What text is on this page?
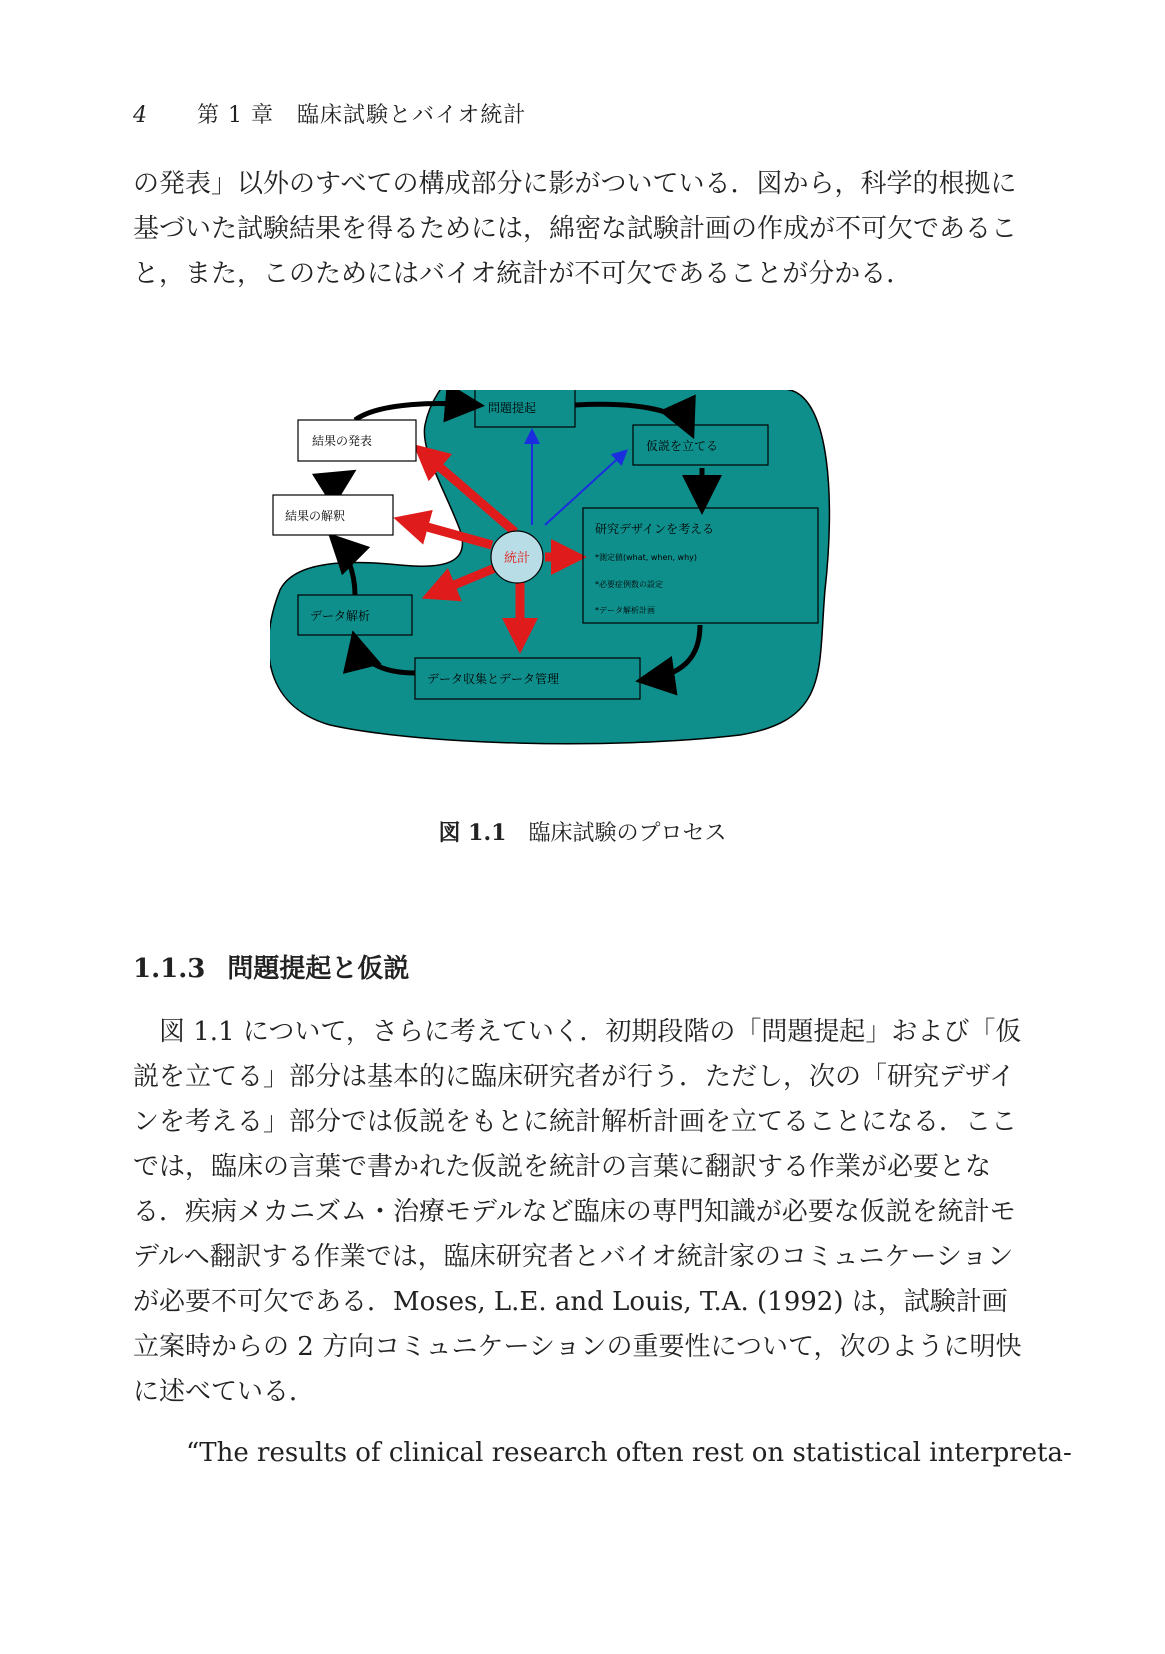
4 第 1 章　臨床試験とバイオ統計

の発表」以外のすべての構成部分に影がついている．図から，科学的根拠に基づいた試験結果を得るためには，綿密な試験計画の作成が不可欠であること，また，このためにはバイオ統計が不可欠であることが分かる．

問題提起
仮説を立てる
結果の発表
結果の解釈
研究デザインを考える
*測定値(what, when, why)
*必要症例数の設定
*データ解析計画
データ解析
データ収集とデータ管理
統計
図 1.1　 臨床試験のプロセス
1.1.3 問題提起と仮説

図 1.1 について，さらに考えていく．初期段階の「問題提起」および「仮説を立てる」部分は基本的に臨床研究者が行う．ただし，次の「研究デザインを考える」部分では仮説をもとに統計解析計画を立てることになる．ここでは，臨床の言葉で書かれた仮説を統計の言葉に翻訳する作業が必要となる．疾病メカニズム・治療モデルなど臨床の専門知識が必要な仮説を統計モデルへ翻訳する作業では，臨床研究者とバイオ統計家のコミュニケーションが必要不可欠である．Moses, L.E. and Louis, T.A. (1992) は，試験計画立案時からの 2 方向コミュニケーションの重要性について，次のように明快に述べている．

“The results of clinical research often rest on statistical interpreta-
